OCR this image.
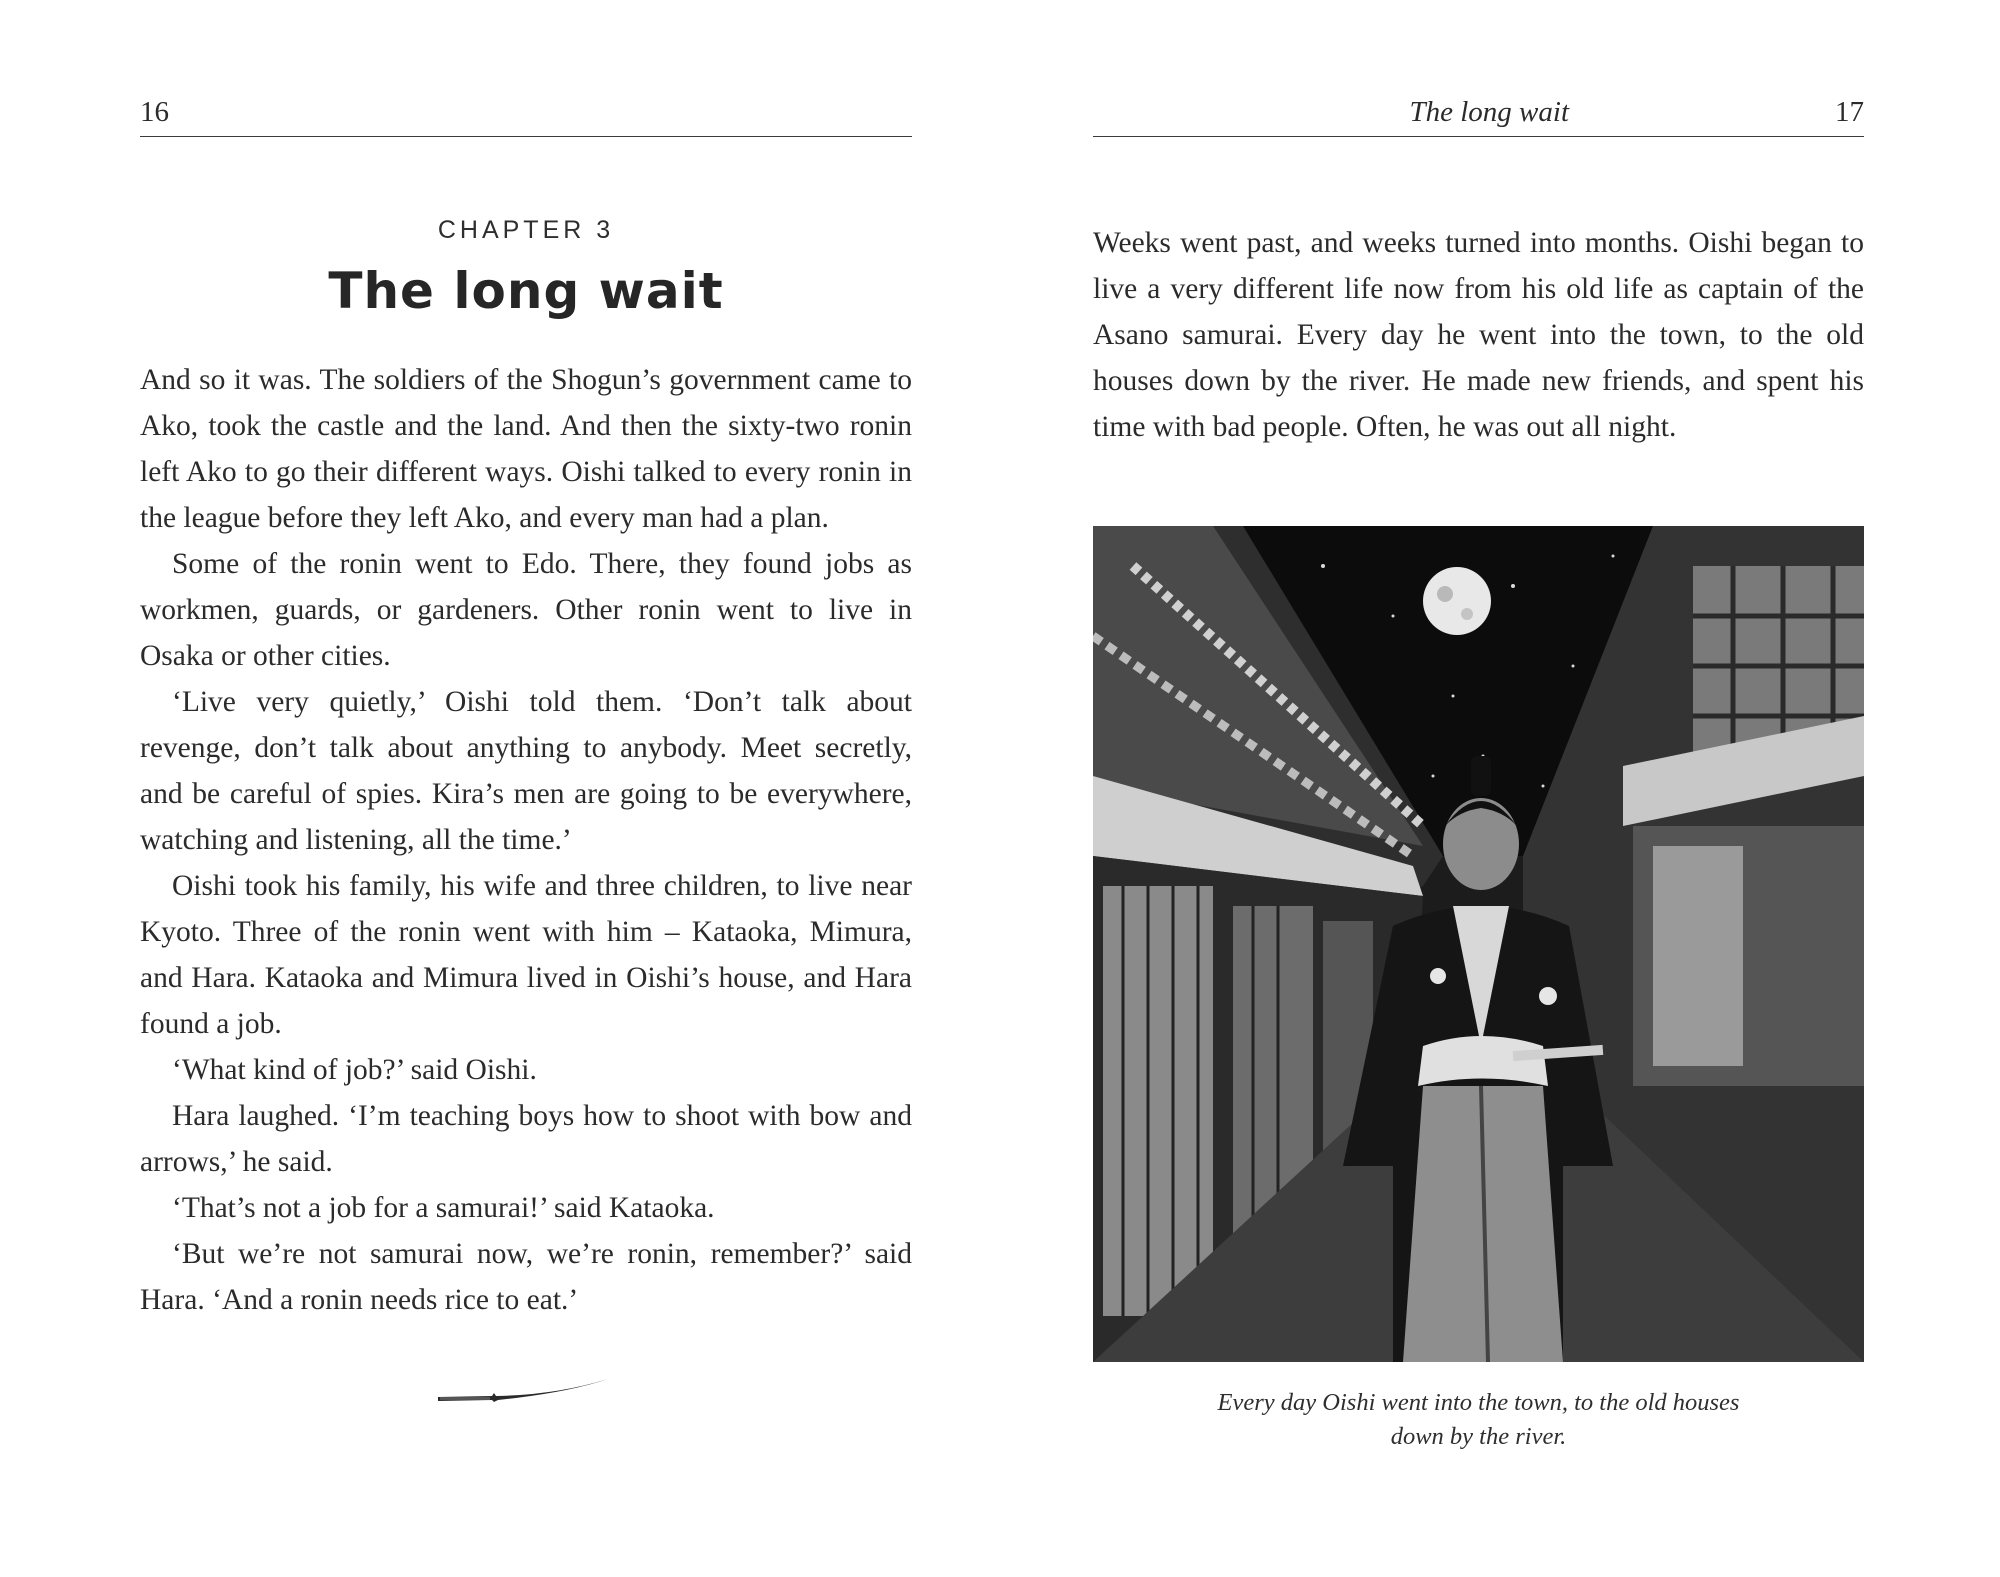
16
CHAPTER 3
The long wait

And so it was. The soldiers of the Shogun’s government came to Ako, took the castle and the land. And then the sixty-two ronin left Ako to go their different ways. Oishi talked to every ronin in the league before they left Ako, and every man had a plan.

Some of the ronin went to Edo. There, they found jobs as workmen, guards, or gardeners. Other ronin went to live in Osaka or other cities.

‘Live very quietly,’ Oishi told them. ‘Don’t talk about revenge, don’t talk about anything to anybody. Meet secretly, and be careful of spies. Kira’s men are going to be everywhere, watching and listening, all the time.’

Oishi took his family, his wife and three children, to live near Kyoto. Three of the ronin went with him – Kataoka, Mimura, and Hara. Kataoka and Mimura lived in Oishi’s house, and Hara found a job.

‘What kind of job?’ said Oishi.

Hara laughed. ‘I’m teaching boys how to shoot with bow and arrows,’ he said.

‘That’s not a job for a samurai!’ said Kataoka.

‘But we’re not samurai now, we’re ronin, remember?’ said Hara. ‘And a ronin needs rice to eat.’

The long wait	17

Weeks went past, and weeks turned into months. Oishi began to live a very different life now from his old life as captain of the Asano samurai. Every day he went into the town, to the old houses down by the river. He made new friends, and spent his time with bad people. Often, he was out all night.

Every day Oishi went into the town, to the old houses
down by the river.
